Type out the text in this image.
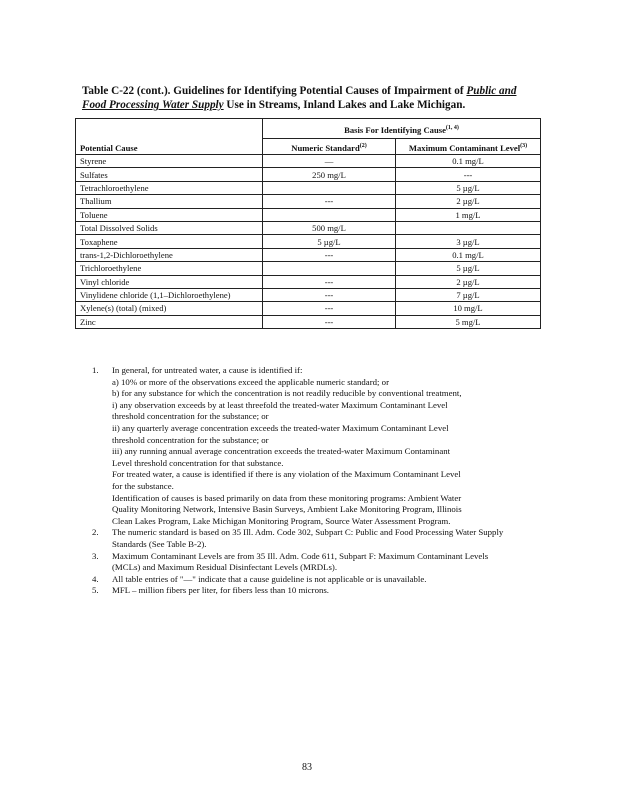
Table C-22 (cont.). Guidelines for Identifying Potential Causes of Impairment of Public and Food Processing Water Supply Use in Streams, Inland Lakes and Lake Michigan.
Potential Cause	Basis For Identifying Cause$^{(1, 4)}$
	Numeric Standard$^{(2)}$	Maximum Contaminant Level$^{(3)}$
Styrene	—	0.1 mg/L
Sulfates	250 mg/L	---
Tetrachloroethylene		5 µg/L
Thallium	---	2 µg/L
Toluene		1 mg/L
Total Dissolved Solids	500 mg/L	
Toxaphene	5 µg/L	3 µg/L
trans-1,2-Dichloroethylene	---	0.1 mg/L
Trichloroethylene		5 µg/L
Vinyl chloride	---	2 µg/L
Vinylidene chloride (1,1–Dichloroethylene)	---	7 µg/L
Xylene(s) (total) (mixed)	---	10 mg/L
Zinc	---	5 mg/L
1. In general, for untreated water, a cause is identified if:
a) 10% or more of the observations exceed the applicable numeric standard; or
b) for any substance for which the concentration is not readily reducible by conventional treatment,
i) any observation exceeds by at least threefold the treated-water Maximum Contaminant Level
threshold concentration for the substance; or
ii) any quarterly average concentration exceeds the treated-water Maximum Contaminant Level
threshold concentration for the substance; or
iii) any running annual average concentration exceeds the treated-water Maximum Contaminant
Level threshold concentration for that substance.
For treated water, a cause is identified if there is any violation of the Maximum Contaminant Level
for the substance.
Identification of causes is based primarily on data from these monitoring programs: Ambient Water
Quality Monitoring Network, Intensive Basin Surveys, Ambient Lake Monitoring Program, Illinois
Clean Lakes Program, Lake Michigan Monitoring Program, Source Water Assessment Program.
2. The numeric standard is based on 35 Ill. Adm. Code 302, Subpart C: Public and Food Processing Water Supply
Standards (See Table B-2).
3. Maximum Contaminant Levels are from 35 Ill. Adm. Code 611, Subpart F: Maximum Contaminant Levels
(MCLs) and Maximum Residual Disinfectant Levels (MRDLs).
4. All table entries of "—" indicate that a cause guideline is not applicable or is unavailable.
5. MFL – million fibers per liter, for fibers less than 10 microns.
83
